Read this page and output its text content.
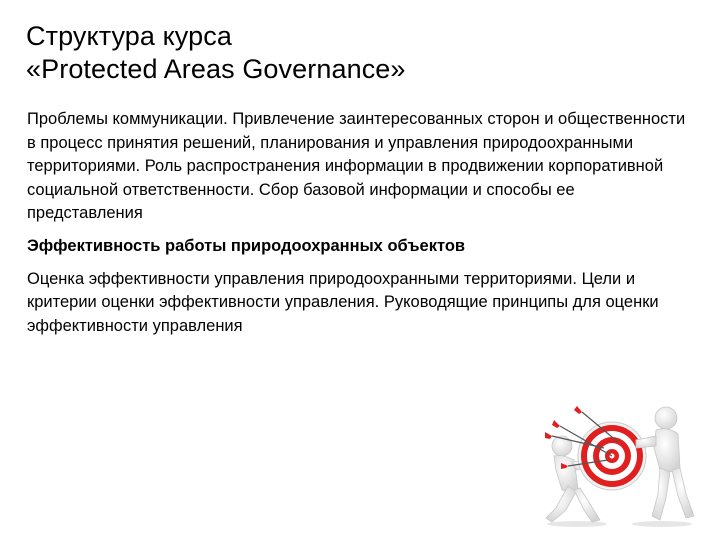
Структура курса
«Protected Areas Governance»

Проблемы коммуникации. Привлечение заинтересованных сторон и общественности в процесс принятия решений, планирования и управления природоохранными территориями. Роль распространения информации в продвижении корпоративной социальной ответственности. Сбор базовой информации и способы ее представления

Эффективность работы природоохранных объектов

Оценка эффективности управления природоохранными территориями. Цели и критерии оценки эффективности управления. Руководящие принципы для оценки эффективности управления
